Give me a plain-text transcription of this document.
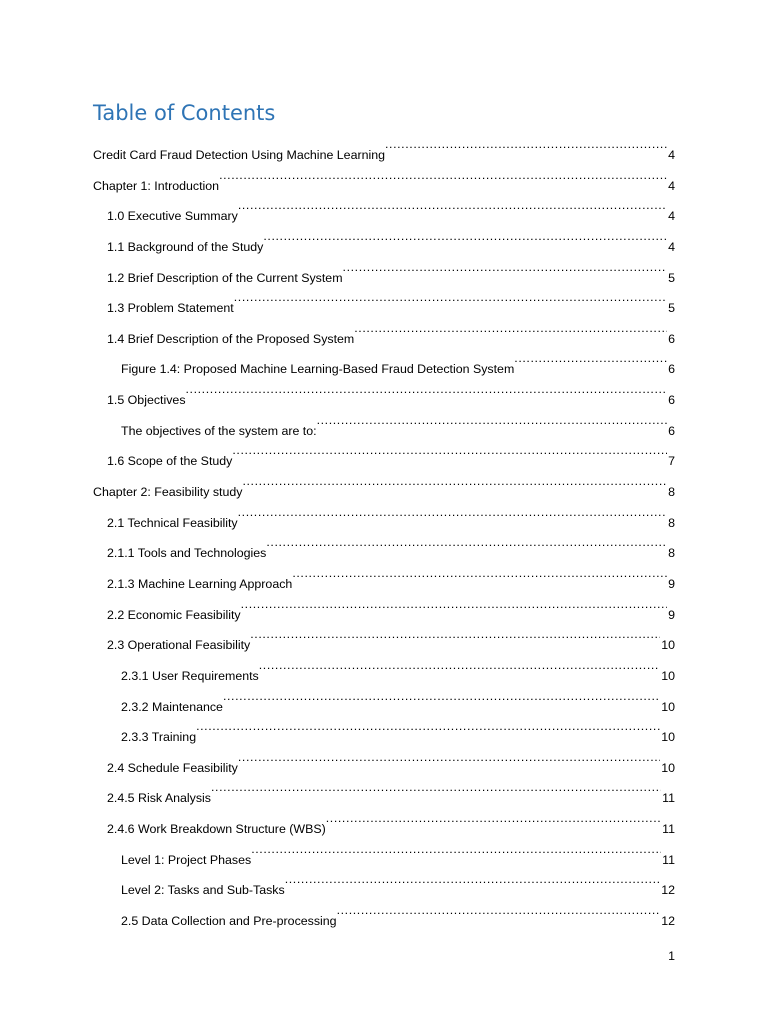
Table of Contents
Credit Card Fraud Detection Using Machine Learning .....	4
Chapter 1: Introduction .....	4
1.0 Executive Summary .....	4
1.1 Background of the Study .....	4
1.2 Brief Description of the Current System .....	5
1.3 Problem Statement .....	5
1.4 Brief Description of the Proposed System .....	6
Figure 1.4: Proposed Machine Learning-Based Fraud Detection System .....	6
1.5 Objectives .....	6
The objectives of the system are to: .....	6
1.6 Scope of the Study .....	7
Chapter 2: Feasibility study .....	8
2.1 Technical Feasibility .....	8
2.1.1 Tools and Technologies .....	8
2.1.3 Machine Learning Approach .....	9
2.2 Economic Feasibility .....	9
2.3 Operational Feasibility .....	10
2.3.1 User Requirements .....	10
2.3.2 Maintenance .....	10
2.3.3 Training .....	10
2.4 Schedule Feasibility .....	10
2.4.5 Risk Analysis .....	11
2.4.6 Work Breakdown Structure (WBS) .....	11
Level 1: Project Phases .....	11
Level 2: Tasks and Sub-Tasks .....	12
2.5 Data Collection and Pre-processing .....	12
1
